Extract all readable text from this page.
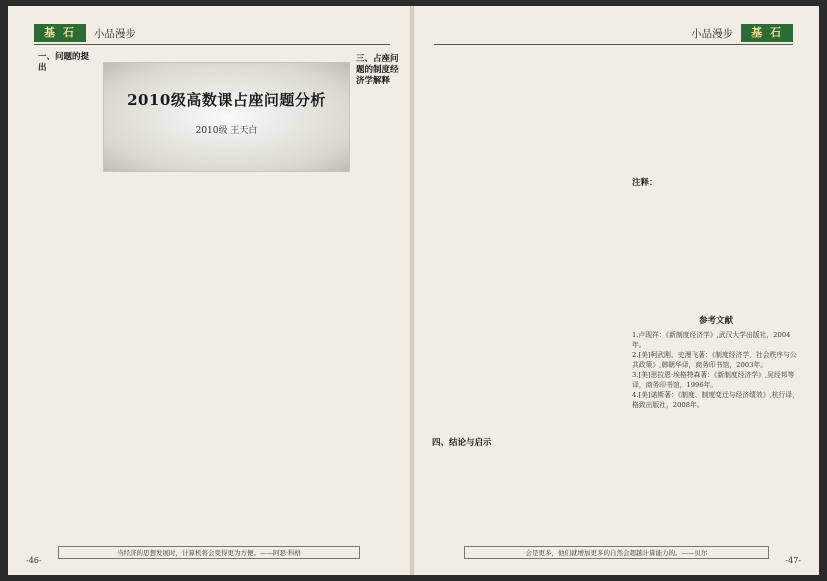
基 石	小品漫步
一、问题的提出
三、占座问题的制度经济学解释
2010级高数课占座问题分析
2010级 王天白
当经济的思想发展时，计算机将会变得更为方便。——阿瑟·科格
-46-
基 石
小品漫步
四、结论与启示
注释：
参考文献
1.卢现祥：《新制度经济学》,武汉大学出版社，2004年。
2.[美]柯武刚、史漫飞著：《制度经济学，社会秩序与公共政策》,韩朝华译，商务印书馆，2003年。
3.[美]思拉恩·埃格特森著：《新制度经济学》,吴经邦等译，商务印书馆，1996年。
4.[美]诺斯著：《制度、制度变迁与经济绩效》,杭行译，格致出版社，2008年。
会是更多，他们就增加更多的自然会超越计算能力的。——贝尔
-47-
